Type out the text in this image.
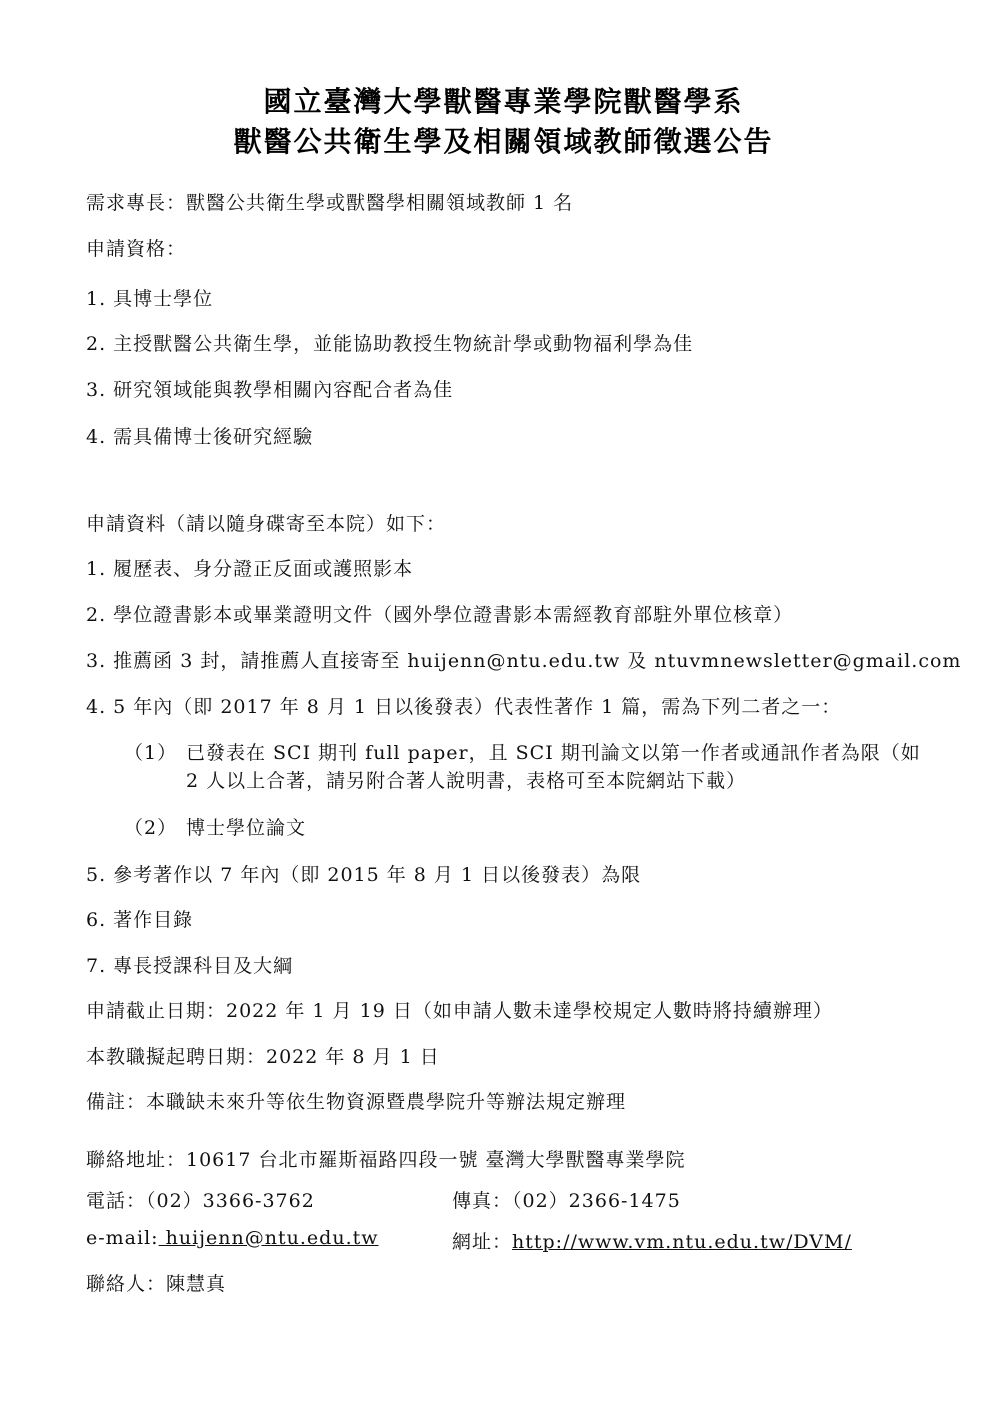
國立臺灣大學獸醫專業學院獸醫學系
獸醫公共衛生學及相關領域教師徵選公告
需求專長：獸醫公共衛生學或獸醫學相關領域教師 1 名
申請資格：
1. 具博士學位
2. 主授獸醫公共衛生學，並能協助教授生物統計學或動物福利學為佳
3. 研究領域能與教學相關內容配合者為佳
4. 需具備博士後研究經驗
申請資料（請以隨身碟寄至本院）如下：
1. 履歷表、身分證正反面或護照影本
2. 學位證書影本或畢業證明文件（國外學位證書影本需經教育部駐外單位核章）
3. 推薦函 3 封，請推薦人直接寄至 huijenn@ntu.edu.tw 及 ntuvmnewsletter@gmail.com
4. 5 年內（即 2017 年 8 月 1 日以後發表）代表性著作 1 篇，需為下列二者之一：
（1） 已發表在 SCI 期刊 full paper，且 SCI 期刊論文以第一作者或通訊作者為限（如
2 人以上合著，請另附合著人說明書，表格可至本院網站下載）
（2） 博士學位論文
5. 參考著作以 7 年內（即 2015 年 8 月 1 日以後發表）為限
6. 著作目錄
7. 專長授課科目及大綱
申請截止日期：2022 年 1 月 19 日（如申請人數未達學校規定人數時將持續辦理）
本教職擬起聘日期：2022 年 8 月 1 日
備註：本職缺未來升等依生物資源暨農學院升等辦法規定辦理
聯絡地址：10617 台北市羅斯福路四段一號 臺灣大學獸醫專業學院
電話：（02）3366-3762	傳真：（02）2366-1475
e-mail: huijenn@ntu.edu.tw	網址：http://www.vm.ntu.edu.tw/DVM/
聯絡人：陳慧真
